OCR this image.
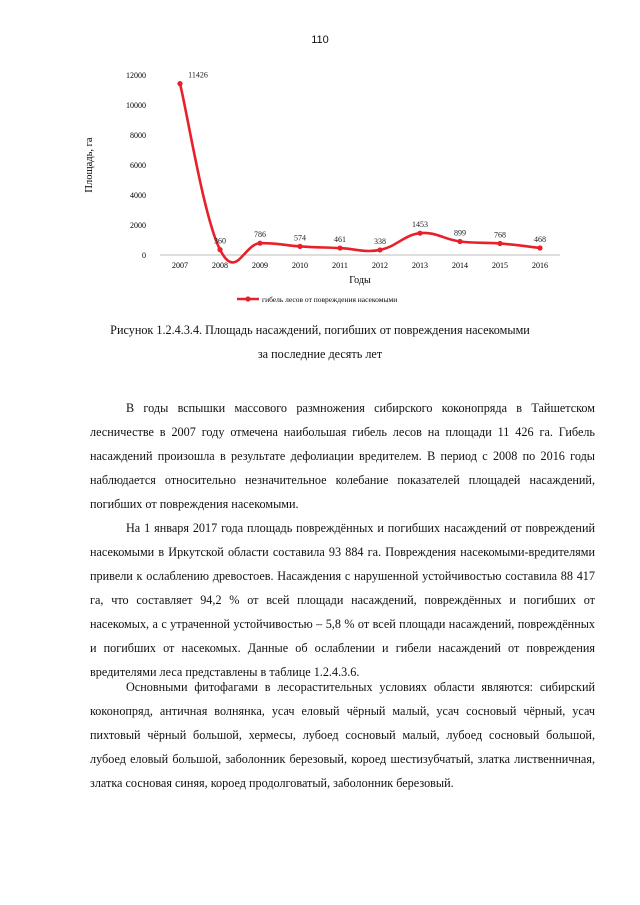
110
Площадь, га
0
2000
4000
6000
8000
10000
12000
2007	2008	2009	2010	2011	2012	2013	2014	2015	2016
11426
360
786	574	461	338
1453
899	768	468
Годы
гибель лесов от повреждения насекомыми
Рисунок 1.2.4.3.4. Площадь насаждений, погибших от повреждения насекомыми
за последние десять лет

В годы вспышки массового размножения сибирского коконопряда в Тайшетском лесничестве в 2007 году отмечена наибольшая гибель лесов на площади 11 426 га. Гибель насаждений произошла в результате дефолиации вредителем. В период с 2008 по 2016 годы наблюдается относительно незначительное колебание показателей площадей насаждений, погибших от повреждения насекомыми.

На 1 января 2017 года площадь повреждённых и погибших насаждений от повреждений насекомыми в Иркутской области составила 93 884 га. Повреждения насекомыми-вредителями привели к ослаблению древостоев. Насаждения с нарушенной устойчивостью составила 88 417 га, что составляет 94,2 % от всей площади насаждений, повреждённых и погибших от насекомых, а с утраченной устойчивостью – 5,8 % от всей площади насаждений, повреждённых и погибших от насекомых. Данные об ослаблении и гибели насаждений от повреждения вредителями леса представлены в таблице 1.2.4.3.6.

Основными фитофагами в лесорастительных условиях области являются: сибирский коконопряд, античная волнянка, усач еловый чёрный малый, усач сосновый чёрный, усач пихтовый чёрный большой, хермесы, лубоед сосновый малый, лубоед сосновый большой, лубоед еловый большой, заболонник березовый, короед шестизубчатый, златка лиственничная, златка сосновая синяя, короед продолговатый, заболонник березовый.
